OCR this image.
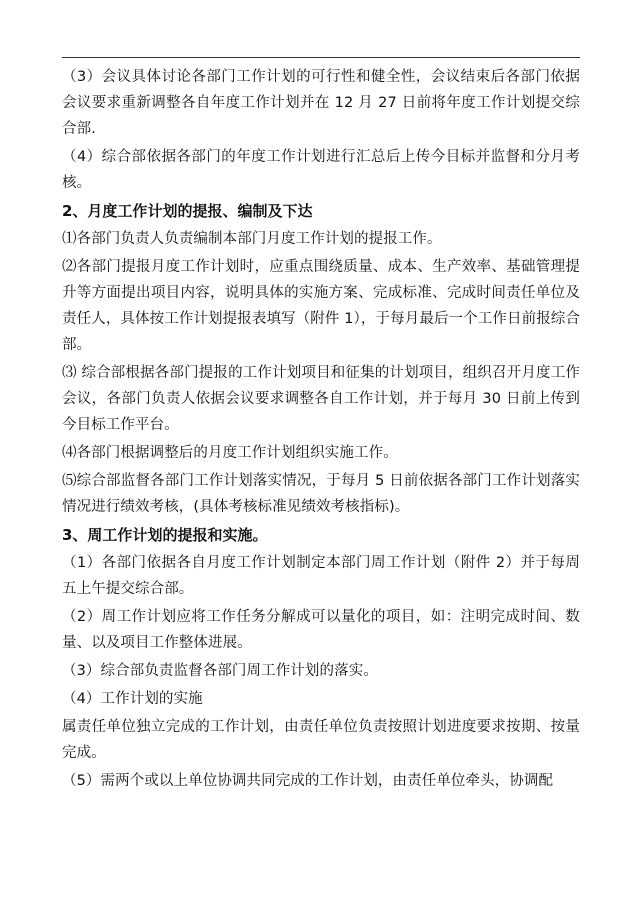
（3）会议具体讨论各部门工作计划的可行性和健全性，会议结束后各部门依据会议要求重新调整各自年度工作计划并在 12 月 27 日前将年度工作计划提交综合部.

（4）综合部依据各部门的年度工作计划进行汇总后上传今目标并监督和分月考核。

2、月度工作计划的提报、编制及下达

⑴各部门负责人负责编制本部门月度工作计划的提报工作。

⑵各部门提报月度工作计划时，应重点围绕质量、成本、生产效率、基础管理提升等方面提出项目内容，说明具体的实施方案、完成标准、完成时间责任单位及责任人，具体按工作计划提报表填写（附件 1），于每月最后一个工作日前报综合部。

⑶ 综合部根据各部门提报的工作计划项目和征集的计划项目，组织召开月度工作会议，各部门负责人依据会议要求调整各自工作计划，并于每月 30 日前上传到今目标工作平台。

⑷各部门根据调整后的月度工作计划组织实施工作。

⑸综合部监督各部门工作计划落实情况，于每月 5 日前依据各部门工作计划落实情况进行绩效考核，(具体考核标准见绩效考核指标)。

3、周工作计划的提报和实施。

（1）各部门依据各自月度工作计划制定本部门周工作计划（附件 2）并于每周五上午提交综合部。

（2）周工作计划应将工作任务分解成可以量化的项目，如：注明完成时间、数量、以及项目工作整体进展。

（3）综合部负责监督各部门周工作计划的落实。

（4）工作计划的实施

属责任单位独立完成的工作计划，由责任单位负责按照计划进度要求按期、按量完成。

（5）需两个或以上单位协调共同完成的工作计划，由责任单位牵头，协调配
